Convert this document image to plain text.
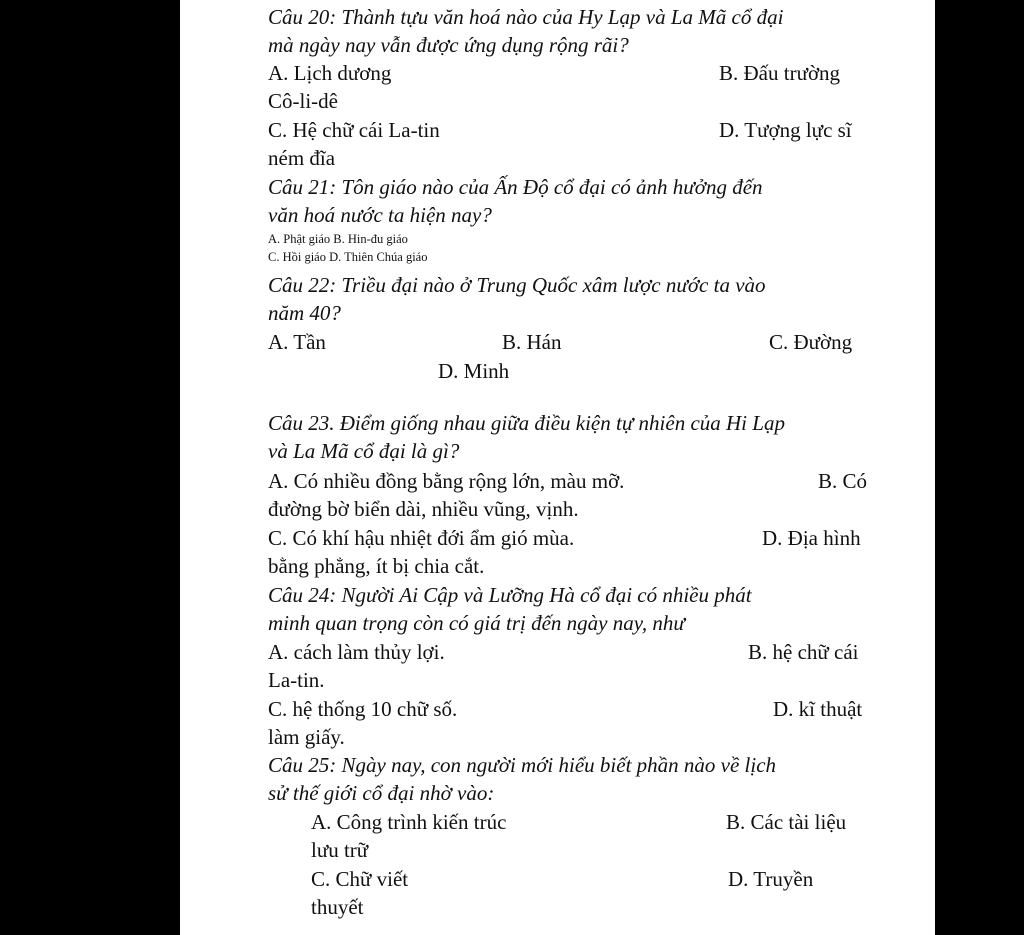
Câu 20: Thành tựu văn hoá nào của Hy Lạp và La Mã cổ đại
mà ngày nay vẫn được ứng dụng rộng rãi?
A. Lịch dương	B. Đấu trường
Cô-li-dê
C. Hệ chữ cái La-tin	D. Tượng lực sĩ
ném đĩa
Câu 21: Tôn giáo nào của Ấn Độ cổ đại có ảnh hưởng đến
văn hoá nước ta hiện nay?
A. Phật giáo B. Hin-đu giáo
C. Hồi giáo D. Thiên Chúa giáo
Câu 22: Triều đại nào ở Trung Quốc xâm lược nước ta vào
năm 40?
A. Tần	B. Hán	C. Đường
D. Minh
Câu 23. Điểm giống nhau giữa điều kiện tự nhiên của Hi Lạp
và La Mã cổ đại là gì?
A. Có nhiều đồng bằng rộng lớn, màu mỡ.	B. Có
đường bờ biển dài, nhiều vũng, vịnh.
C. Có khí hậu nhiệt đới ẩm gió mùa.	D. Địa hình
bằng phẳng, ít bị chia cắt.
Câu 24: Người Ai Cập và Lưỡng Hà cổ đại có nhiều phát
minh quan trọng còn có giá trị đến ngày nay, như
A. cách làm thủy lợi.	B. hệ chữ cái
La-tin.
C. hệ thống 10 chữ số.	D. kĩ thuật
làm giấy.
Câu 25: Ngày nay, con người mới hiểu biết phần nào về lịch
sử thế giới cổ đại nhờ vào:
A. Công trình kiến trúc	B. Các tài liệu
lưu trữ
C. Chữ viết	D. Truyền
thuyết
